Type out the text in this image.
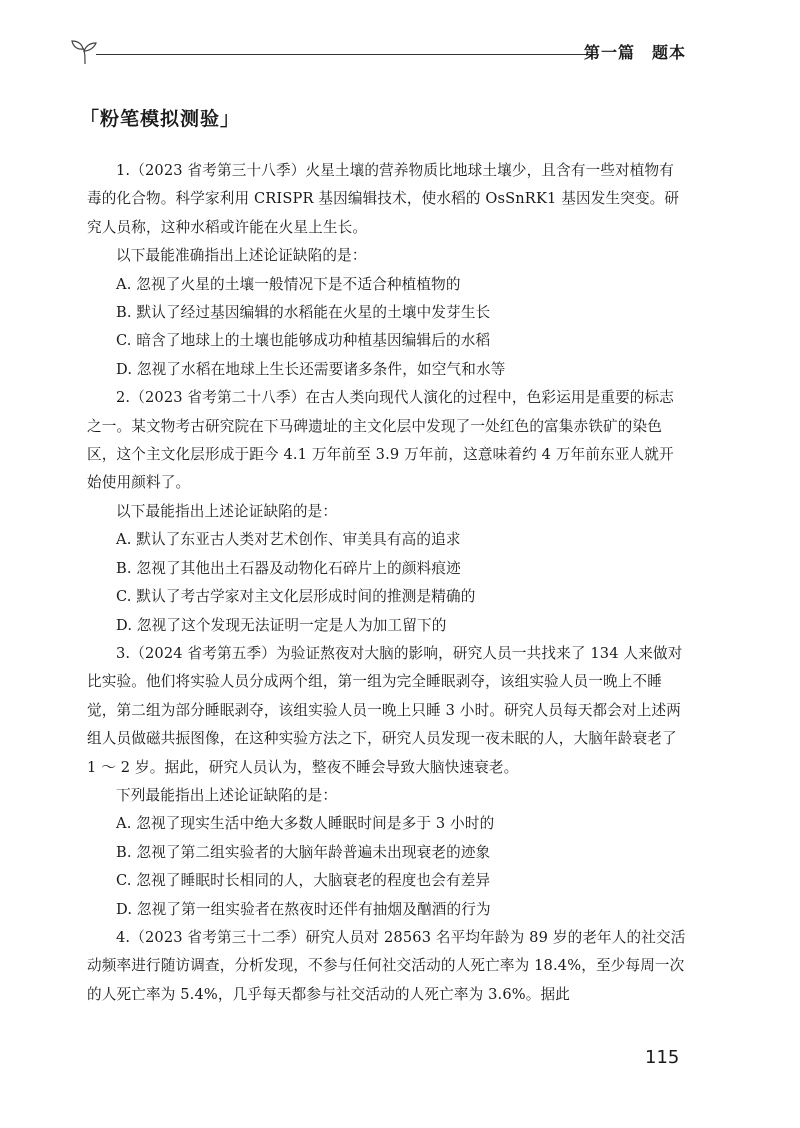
第一篇　题本
「粉笔模拟测验」

1.（2023 省考第三十八季）火星土壤的营养物质比地球土壤少，且含有一些对植物有毒的化合物。科学家利用 CRISPR 基因编辑技术，使水稻的 OsSnRK1 基因发生突变。研究人员称，这种水稻或许能在火星上生长。

以下最能准确指出上述论证缺陷的是：

A. 忽视了火星的土壤一般情况下是不适合种植植物的

B. 默认了经过基因编辑的水稻能在火星的土壤中发芽生长

C. 暗含了地球上的土壤也能够成功种植基因编辑后的水稻

D. 忽视了水稻在地球上生长还需要诸多条件，如空气和水等

2.（2023 省考第二十八季）在古人类向现代人演化的过程中，色彩运用是重要的标志之一。某文物考古研究院在下马碑遗址的主文化层中发现了一处红色的富集赤铁矿的染色区，这个主文化层形成于距今 4.1 万年前至 3.9 万年前，这意味着约 4 万年前东亚人就开始使用颜料了。

以下最能指出上述论证缺陷的是：

A. 默认了东亚古人类对艺术创作、审美具有高的追求

B. 忽视了其他出土石器及动物化石碎片上的颜料痕迹

C. 默认了考古学家对主文化层形成时间的推测是精确的

D. 忽视了这个发现无法证明一定是人为加工留下的

3.（2024 省考第五季）为验证熬夜对大脑的影响，研究人员一共找来了 134 人来做对比实验。他们将实验人员分成两个组，第一组为完全睡眠剥夺，该组实验人员一晚上不睡觉，第二组为部分睡眠剥夺，该组实验人员一晚上只睡 3 小时。研究人员每天都会对上述两组人员做磁共振图像，在这种实验方法之下，研究人员发现一夜未眠的人，大脑年龄衰老了 1 ～ 2 岁。据此，研究人员认为，整夜不睡会导致大脑快速衰老。

下列最能指出上述论证缺陷的是：

A. 忽视了现实生活中绝大多数人睡眠时间是多于 3 小时的

B. 忽视了第二组实验者的大脑年龄普遍未出现衰老的迹象

C. 忽视了睡眠时长相同的人，大脑衰老的程度也会有差异

D. 忽视了第一组实验者在熬夜时还伴有抽烟及酗酒的行为

4.（2023 省考第三十二季）研究人员对 28563 名平均年龄为 89 岁的老年人的社交活动频率进行随访调查，分析发现，不参与任何社交活动的人死亡率为 18.4%，至少每周一次的人死亡率为 5.4%，几乎每天都参与社交活动的人死亡率为 3.6%。据此

115
